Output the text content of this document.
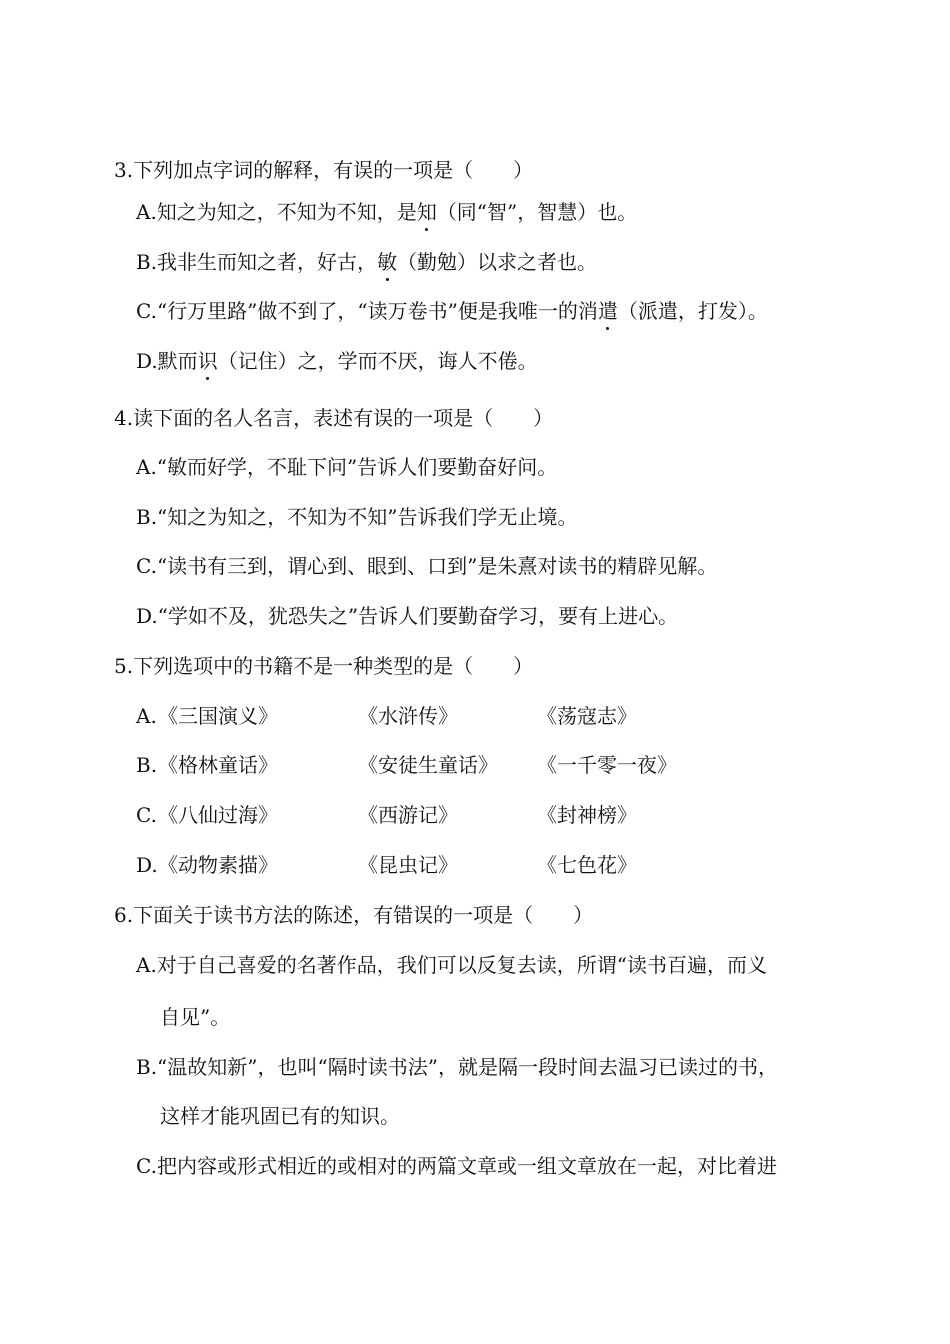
3.下列加点字词的解释，有误的一项是（　　）
A.知之为知之，不知为不知，是知（同“智”，智慧）也。
B.我非生而知之者，好古，敏（勤勉）以求之者也。
C.“行万里路”做不到了，“读万卷书”便是我唯一的消遣（派遣，打发）。
D.默而识（记住）之，学而不厌，诲人不倦。
4.读下面的名人名言，表述有误的一项是（　　）
A.“敏而好学，不耻下问”告诉人们要勤奋好问。
B.“知之为知之，不知为不知”告诉我们学无止境。
C.“读书有三到，谓心到、眼到、口到”是朱熹对读书的精辟见解。
D.“学如不及，犹恐失之”告诉人们要勤奋学习，要有上进心。
5.下列选项中的书籍不是一种类型的是（　　）
A. 《三国演义》	《水浒传》	《荡寇志》
B. 《格林童话》	《安徒生童话》 《一千零一夜》
C. 《八仙过海》	《西游记》	《封神榜》
D. 《动物素描》	《昆虫记》	《七色花》
6.下面关于读书方法的陈述，有错误的一项是（　　）
A.对于自己喜爱的名著作品，我们可以反复去读，所谓“读书百遍，而义
自见”。
B.“温故知新”，也叫“隔时读书法”，就是隔一段时间去温习已读过的书，
这样才能巩固已有的知识。
C.把内容或形式相近的或相对的两篇文章或一组文章放在一起，对比着进
